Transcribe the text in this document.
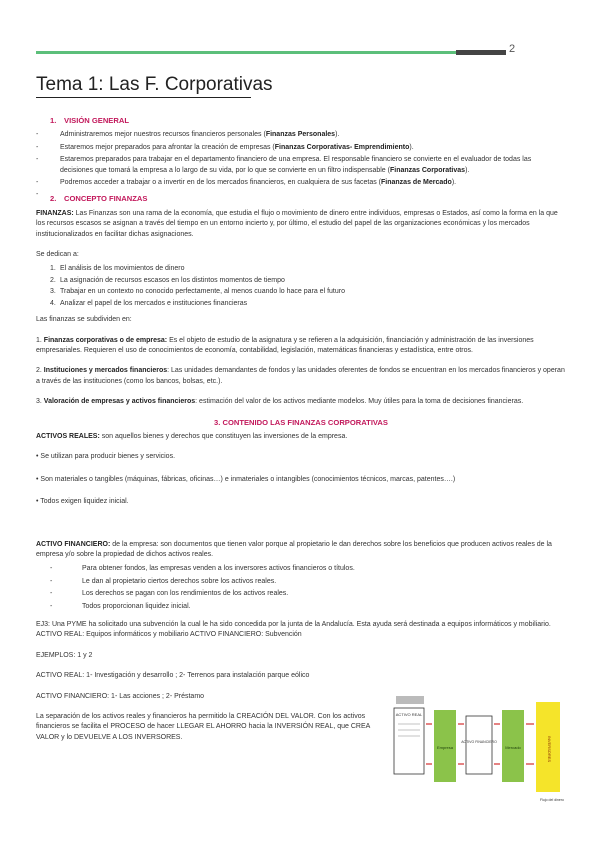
2
Tema 1: Las F. Corporativas
1. VISIÓN GENERAL
- Administraremos mejor nuestros recursos financieros personales (Finanzas Personales).
- Estaremos mejor preparados para afrontar la creación de empresas (Finanzas Corporativas- Emprendimiento).
- Estaremos preparados para trabajar en el departamento financiero de una empresa. El responsable financiero se convierte en el evaluador de todas las decisiones que tomará la empresa a lo largo de su vida, por lo que se convierte en un filtro indispensable (Finanzas Corporativas).
- Podremos acceder a trabajar o a invertir en de los mercados financieros, en cualquiera de sus facetas (Finanzas de Mercado).
2. CONCEPTO FINANZAS

FINANZAS: Las Finanzas son una rama de la economía, que estudia el flujo o movimiento de dinero entre individuos, empresas o Estados, así como la forma en la que los recursos escasos se asignan a través del tiempo en un entorno incierto y, por último, el estudio del papel de las organizaciones económicas y los mercados institucionalizados en facilitar dichas asignaciones.

Se dedican a:

1. El análisis de los movimientos de dinero
2. La asignación de recursos escasos en los distintos momentos de tiempo
3. Trabajar en un contexto no conocido perfectamente, al menos cuando lo hace para el futuro
4. Analizar el papel de los mercados e instituciones financieras

Las finanzas se subdividen en:

1. Finanzas corporativas o de empresa: Es el objeto de estudio de la asignatura y se refieren a la adquisición, financiación y administración de las inversiones empresariales. Requieren el uso de conocimientos de economía, contabilidad, legislación, matemáticas financieras y estadística, entre otros.

2. Instituciones y mercados financieros: Las unidades demandantes de fondos y las unidades oferentes de fondos se encuentran en los mercados financieros y operan a través de las instituciones (como los bancos, bolsas, etc.).

3. Valoración de empresas y activos financieros: estimación del valor de los activos mediante modelos. Muy útiles para la toma de decisiones financieras.

3. CONTENIDO LAS FINANZAS CORPORATIVAS

ACTIVOS REALES: son aquellos bienes y derechos que constituyen las inversiones de la empresa.

• Se utilizan para producir bienes y servicios.

• Son materiales o tangibles (máquinas, fábricas, oficinas…) e inmateriales o intangibles (conocimientos técnicos, marcas, patentes….)

• Todos exigen liquidez inicial.

ACTIVO FINANCIERO: de la empresa: son documentos que tienen valor porque al propietario le dan derechos sobre los beneficios que producen activos reales de la empresa y/o sobre la propiedad de dichos activos reales.

- Para obtener fondos, las empresas venden a los inversores activos financieros o títulos.
- Le dan al propietario ciertos derechos sobre los activos reales.
- Los derechos se pagan con los rendimientos de los activos reales.
- Todos proporcionan liquidez inicial.

EJ3: Una PYME ha solicitado una subvención la cual le ha sido concedida por la junta de la Andalucía. Esta ayuda será destinada a equipos informáticos y mobiliario. ACTIVO REAL: Equipos informáticos y mobiliario ACTIVO FINANCIERO: Subvención

EJEMPLOS: 1 y 2

ACTIVO REAL: 1- Investigación y desarrollo ; 2- Terrenos para instalación parque eólico

ACTIVO FINANCIERO: 1- Las acciones ; 2- Préstamo

La separación de los activos reales y financieros ha permitido la CREACIÓN DEL VALOR. Con los activos financieros se facilita el PROCESO de hacer LLEGAR EL AHORRO hacia la INVERSIÓN REAL, que CREA VALOR y lo DEVUELVE A LOS INVERSORES.

ACTIVO REAL
Empresa
ACTIVO FINANCIERO
Mercado	INVERSORES
Flujo del dinero
